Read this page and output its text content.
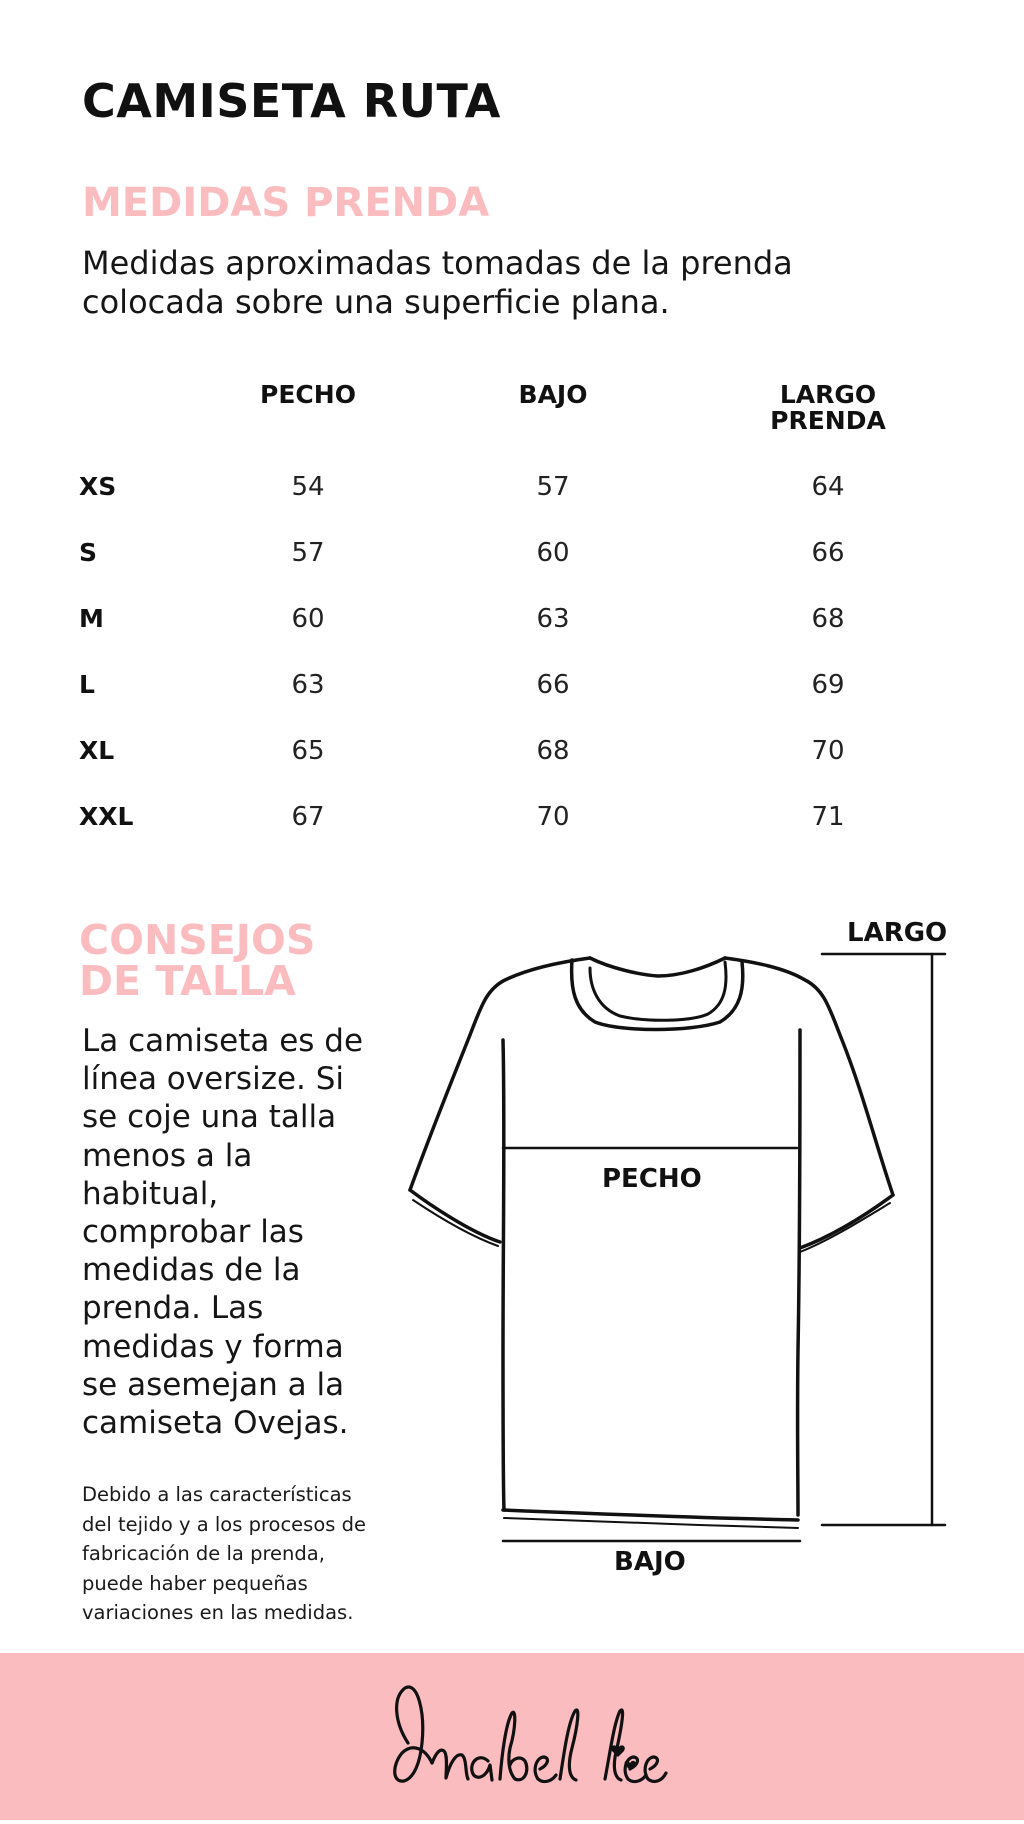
CAMISETA RUTA
MEDIDAS PRENDA
Medidas aproximadas tomadas de la prenda
colocada sobre una superficie plana.
PECHO	BAJO	LARGO
PRENDA
XS	54	57	64
S	57	60	66
M	60	63	68
L	63	66	69
XL	65	68	70
XXL	67	70	71
CONSEJOS
DE TALLA
La camiseta es de
línea oversize. Si
se coje una talla
menos a la
habitual,
comprobar las
medidas de la
prenda. Las
medidas y forma
se asemejan a la
camiseta Ovejas.
Debido a las características
del tejido y a los procesos de
fabricación de la prenda,
puede haber pequeñas
variaciones en las medidas.
LARGO
PECHO
BAJO
